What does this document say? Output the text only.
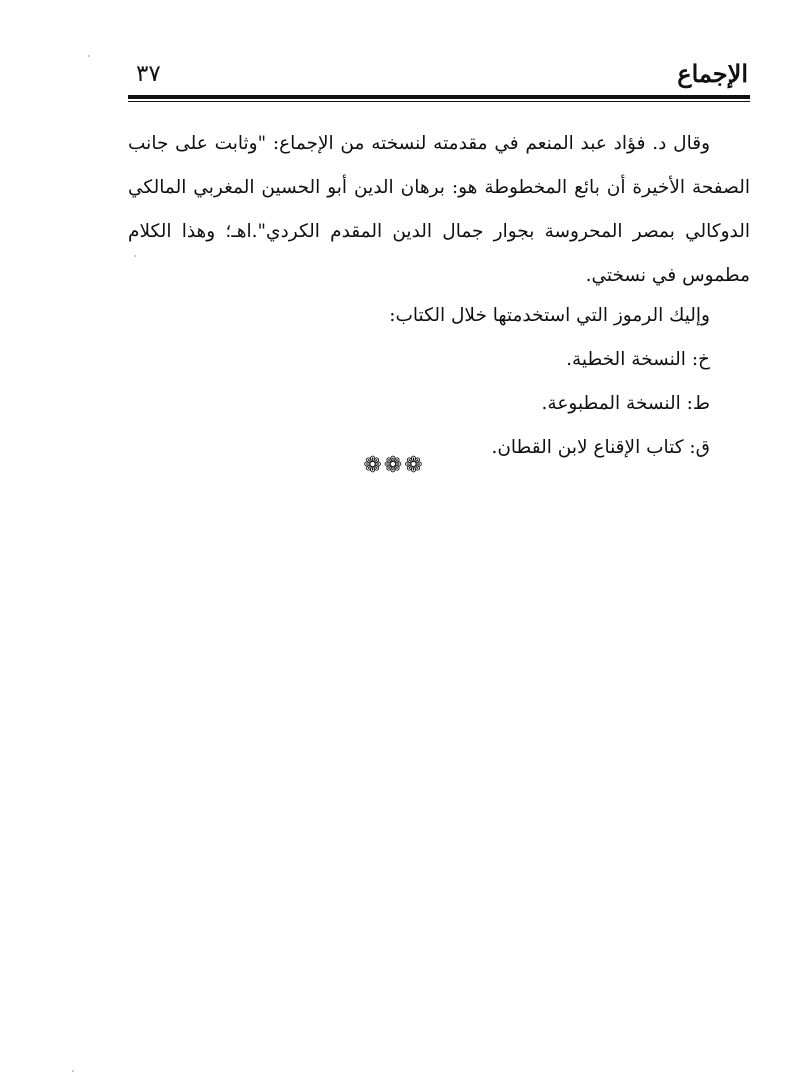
الإجماع
٣٧

وقال د. فؤاد عبد المنعم في مقدمته لنسخته من الإجماع: "وثابت على جانب الصفحة الأخيرة أن بائع المخطوطة هو: برهان الدين أبو الحسين المغربي المالكي الدوكالي بمصر المحروسة بجوار جمال الدين المقدم الكردي".اهـ؛ وهذا الكلام مطموس في نسختي.

وإليك الرموز التي استخدمتها خلال الكتاب:

خ: النسخة الخطية.

ط: النسخة المطبوعة.

ق: كتاب الإقناع لابن القطان.

❁❁❁
